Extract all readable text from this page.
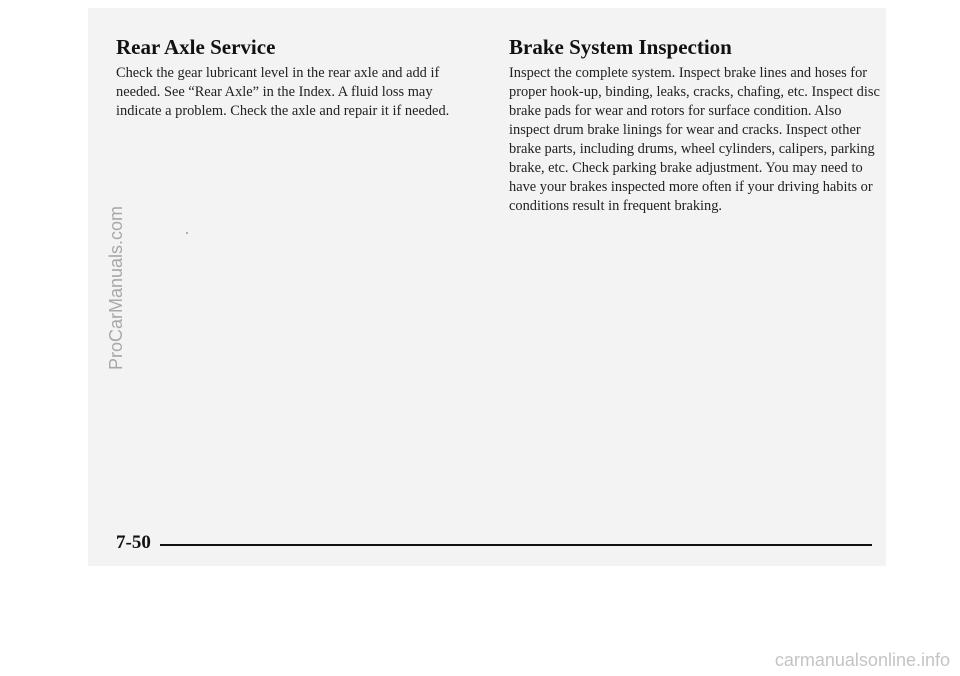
Rear Axle Service

Check the gear lubricant level in the rear axle and add if needed. See “Rear Axle” in the Index. A fluid loss may indicate a problem. Check the axle and repair it if needed.

Brake System Inspection

Inspect the complete system. Inspect brake lines and hoses for proper hook-up, binding, leaks, cracks, chafing, etc. Inspect disc brake pads for wear and rotors for surface condition. Also inspect drum brake linings for wear and cracks. Inspect other brake parts, including drums, wheel cylinders, calipers, parking brake, etc. Check parking brake adjustment. You may need to have your brakes inspected more often if your driving habits or conditions result in frequent braking.

ProCarManuals.com
7-50
carmanualsonline.info
